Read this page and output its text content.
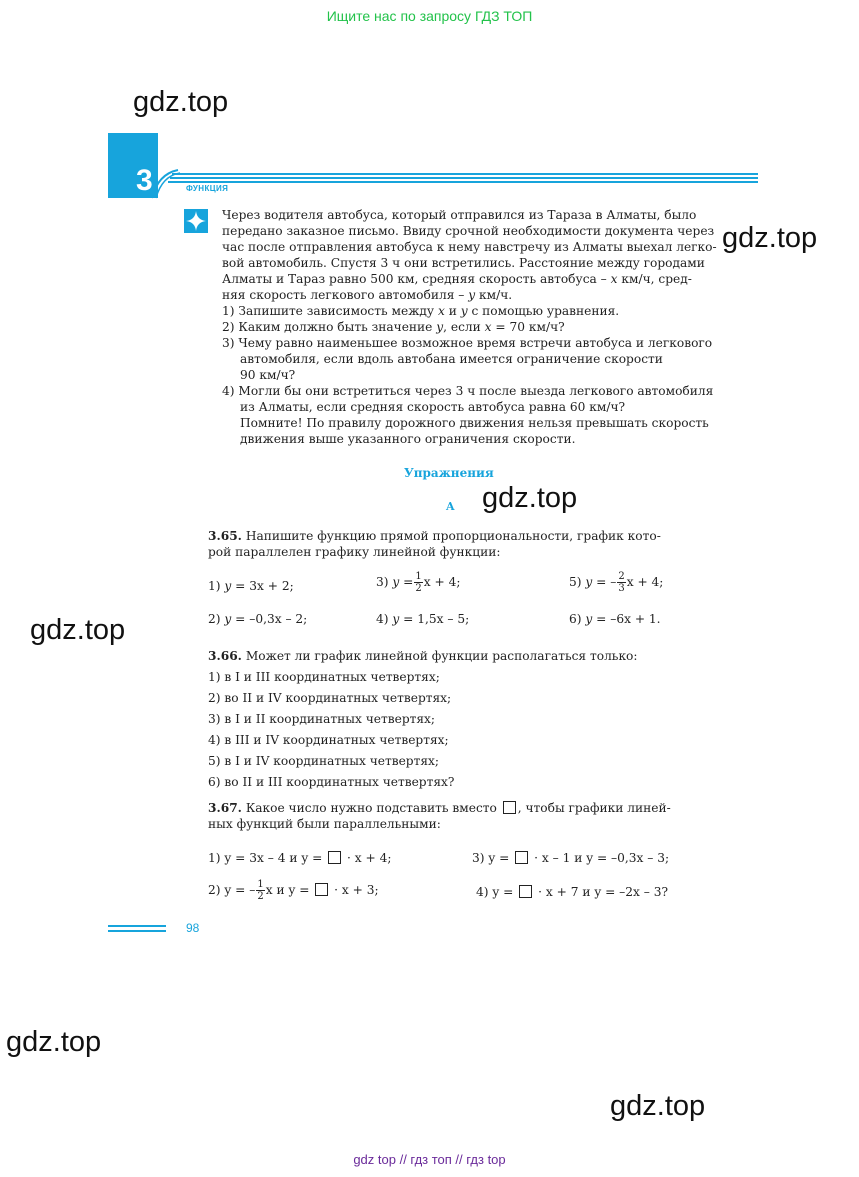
Ищите нас по запросу ГДЗ ТОП
gdz.top
gdz.top
gdz.top
gdz.top
gdz.top
gdz.top
3	ФУНКЦИЯ
Через водителя автобуса, который отправился из Тараза в Алматы, было
передано заказное письмо. Ввиду срочной необходимости документа через
час после отправления автобуса к нему навстречу из Алматы выехал легко-
вой автомобиль. Спустя 3 ч они встретились. Расстояние между городами
Алматы и Тараз равно 500 км, средняя скорость автобуса – x км/ч, сред-
няя скорость легкового автомобиля – y км/ч.
1) Запишите зависимость между x и y с помощью уравнения.
2) Каким должно быть значение y, если x = 70 км/ч?
3) Чему равно наименьшее возможное время встречи автобуса и легкового
автомобиля, если вдоль автобана имеется ограничение скорости
90 км/ч?
4) Могли бы они встретиться через 3 ч после выезда легкового автомобиля
из Алматы, если средняя скорость автобуса равна 60 км/ч?
Помните! По правилу дорожного движения нельзя превышать скорость
движения выше указанного ограничения скорости.
Упражнения
A
3.65. Напишите функцию прямой пропорциональности, график кото-
рой параллелен графику линейной функции:
1) y = 3x + 2;	3) $y = \frac{1}{2}$ x + 4;	5) y = – $\frac{2}{3}$ x + 4;
2) y = –0,3x – 2;	4) y = 1,5x – 5;	6) y = –6x + 1.
3.66. Может ли график линейной функции располагаться только:
1) в I и III координатных четвертях;
2) во II и IV координатных четвертях;
3) в I и II координатных четвертях;
4) в III и IV координатных четвертях;
5) в I и IV координатных четвертях;
6) во II и III координатных четвертях?
3.67. Какое число нужно подставить вместо , чтобы графики линей-
ных функций были параллельными:
1) y = 3x – 4 и y = · x + 4;	3) y = · x – 1 и y = –0,3x – 3;
2) y = – $\frac{1}{2}$ x и y = · x + 3;	4) y = · x + 7 и y = –2x – 3?
98
gdz top // гдз топ // гдз top
